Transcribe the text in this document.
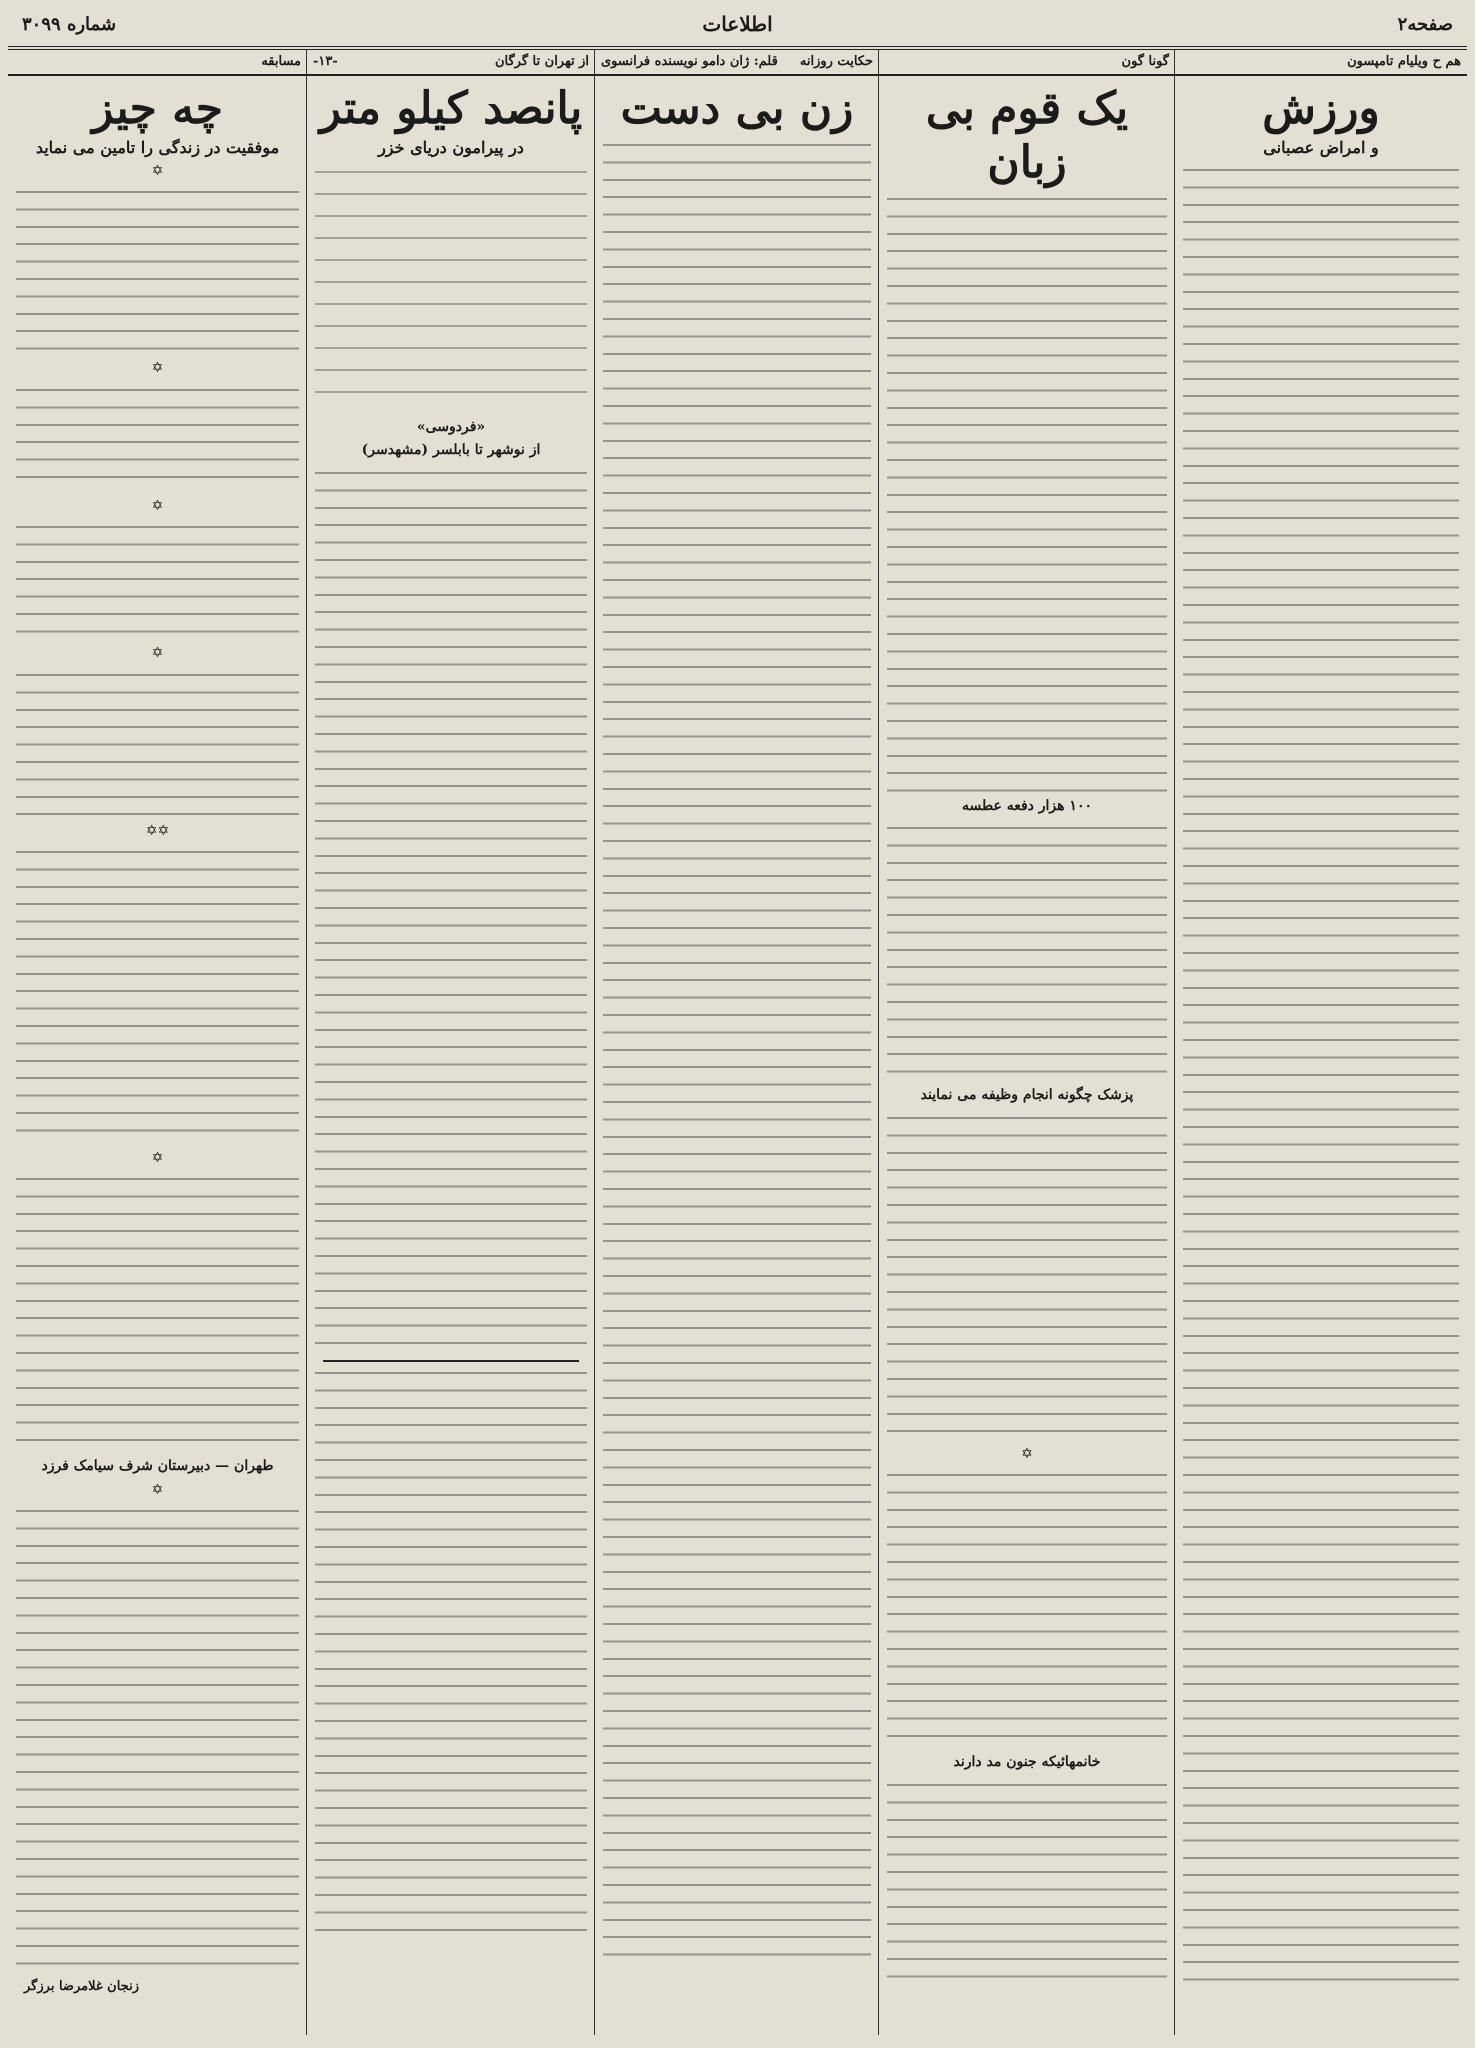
صفحه۲
اطلاعات
شماره ۳۰۹۹
هم ح ویلیام تامپسون
ورزش
و امراض عصبانی
گونا گون
یک قوم بی زبان
۱۰۰ هزار دفعه عطسه
پزشک چگونه انجام وظیفه می نمایند
✡
خانمهائیکه جنون مد دارند
حکایت روزانه
قلم: ژان دامو نویسنده فرانسوی
زن بی دست
از تهران تا گرگان
-۱۳-
پانصد کیلو متر
در پیرامون دریای خزر
«فردوسی»
از نوشهر تا بابلسر (مشهدسر)
مسابقه
چه چیز
موفقیت در زندگی را تامین می نماید
✡
✡
✡
✡
✡✡
✡
طهران — دبیرستان شرف سیامک فرزد
✡
زنجان غلامرضا برزگر
